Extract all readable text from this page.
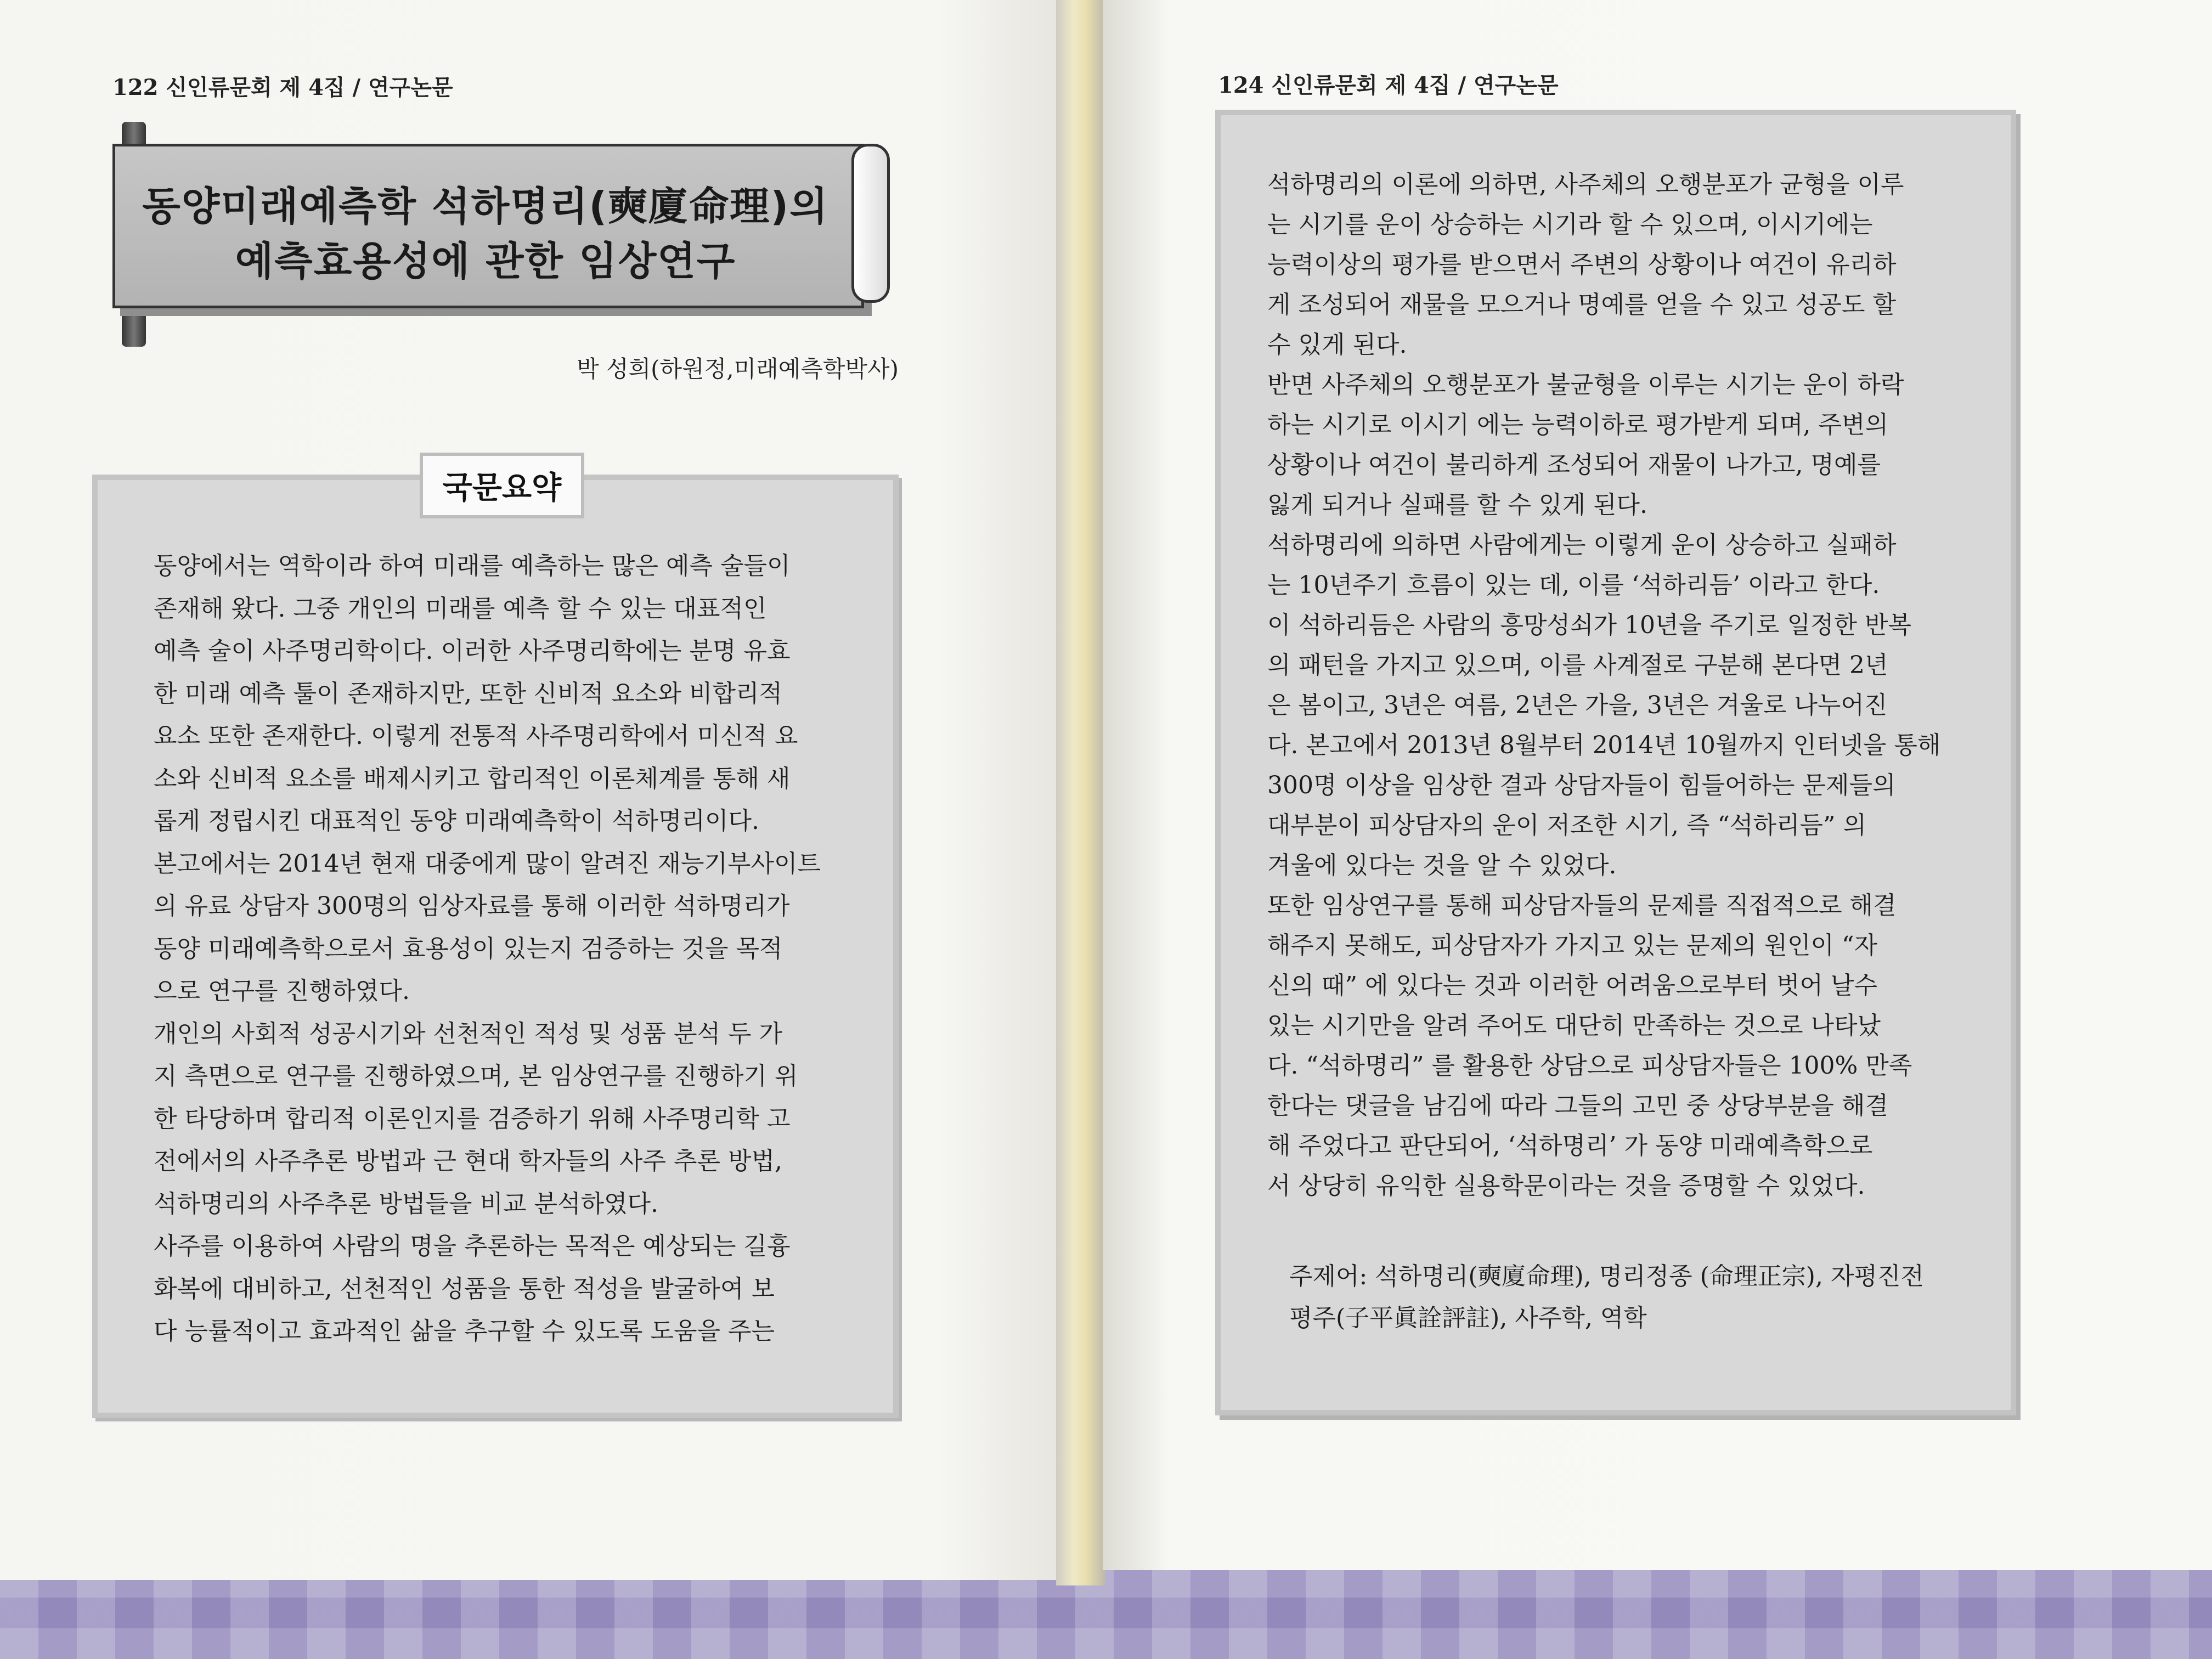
122 신인류문회 제 4집 / 연구논문
동양미래예측학 석하명리(奭廈命理)의
예측효용성에 관한 임상연구
박 성희(하원정,미래예측학박사)
국문요약
동양에서는 역학이라 하여 미래를 예측하는 많은 예측 술들이
존재해 왔다. 그중 개인의 미래를 예측 할 수 있는 대표적인
예측 술이 사주명리학이다. 이러한 사주명리학에는 분명 유효
한 미래 예측 툴이 존재하지만, 또한 신비적 요소와 비합리적
요소 또한 존재한다. 이렇게 전통적 사주명리학에서 미신적 요
소와 신비적 요소를 배제시키고 합리적인 이론체계를 통해 새
롭게 정립시킨 대표적인 동양 미래예측학이 석하명리이다.
본고에서는 2014년 현재 대중에게 많이 알려진 재능기부사이트
의 유료 상담자 300명의 임상자료를 통해 이러한 석하명리가
동양 미래예측학으로서 효용성이 있는지 검증하는 것을 목적
으로 연구를 진행하였다.
개인의 사회적 성공시기와 선천적인 적성 및 성품 분석 두 가
지 측면으로 연구를 진행하였으며, 본 임상연구를 진행하기 위
한 타당하며 합리적 이론인지를 검증하기 위해 사주명리학 고
전에서의 사주추론 방법과 근 현대 학자들의 사주 추론 방법,
석하명리의 사주추론 방법들을 비교 분석하였다.
사주를 이용하여 사람의 명을 추론하는 목적은 예상되는 길흉
화복에 대비하고, 선천적인 성품을 통한 적성을 발굴하여 보
다 능률적이고 효과적인 삶을 추구할 수 있도록 도움을 주는
124 신인류문회 제 4집 / 연구논문
석하명리의 이론에 의하면, 사주체의 오행분포가 균형을 이루
는 시기를 운이 상승하는 시기라 할 수 있으며, 이시기에는
능력이상의 평가를 받으면서 주변의 상황이나 여건이 유리하
게 조성되어 재물을 모으거나 명예를 얻을 수 있고 성공도 할
수 있게 된다.
반면 사주체의 오행분포가 불균형을 이루는 시기는 운이 하락
하는 시기로 이시기 에는 능력이하로 평가받게 되며, 주변의
상황이나 여건이 불리하게 조성되어 재물이 나가고, 명예를
잃게 되거나 실패를 할 수 있게 된다.
석하명리에 의하면 사람에게는 이렇게 운이 상승하고 실패하
는 10년주기 흐름이 있는 데, 이를 ‘석하리듬’ 이라고 한다.
이 석하리듬은 사람의 흥망성쇠가 10년을 주기로 일정한 반복
의 패턴을 가지고 있으며, 이를 사계절로 구분해 본다면 2년
은 봄이고, 3년은 여름, 2년은 가을, 3년은 겨울로 나누어진
다. 본고에서 2013년 8월부터 2014년 10월까지 인터넷을 통해
300명 이상을 임상한 결과 상담자들이 힘들어하는 문제들의
대부분이 피상담자의 운이 저조한 시기, 즉 “석하리듬” 의
겨울에 있다는 것을 알 수 있었다.
또한 임상연구를 통해 피상담자들의 문제를 직접적으로 해결
해주지 못해도, 피상담자가 가지고 있는 문제의 원인이 “자
신의 때” 에 있다는 것과 이러한 어려움으로부터 벗어 날수
있는 시기만을 알려 주어도 대단히 만족하는 것으로 나타났
다. “석하명리” 를 활용한 상담으로 피상담자들은 100% 만족
한다는 댓글을 남김에 따라 그들의 고민 중 상당부분을 해결
해 주었다고 판단되어, ‘석하명리’ 가 동양 미래예측학으로
서 상당히 유익한 실용학문이라는 것을 증명할 수 있었다.
주제어: 석하명리(奭廈命理), 명리정종 (命理正宗), 자평진전
평주(子平眞詮評註), 사주학, 역학
